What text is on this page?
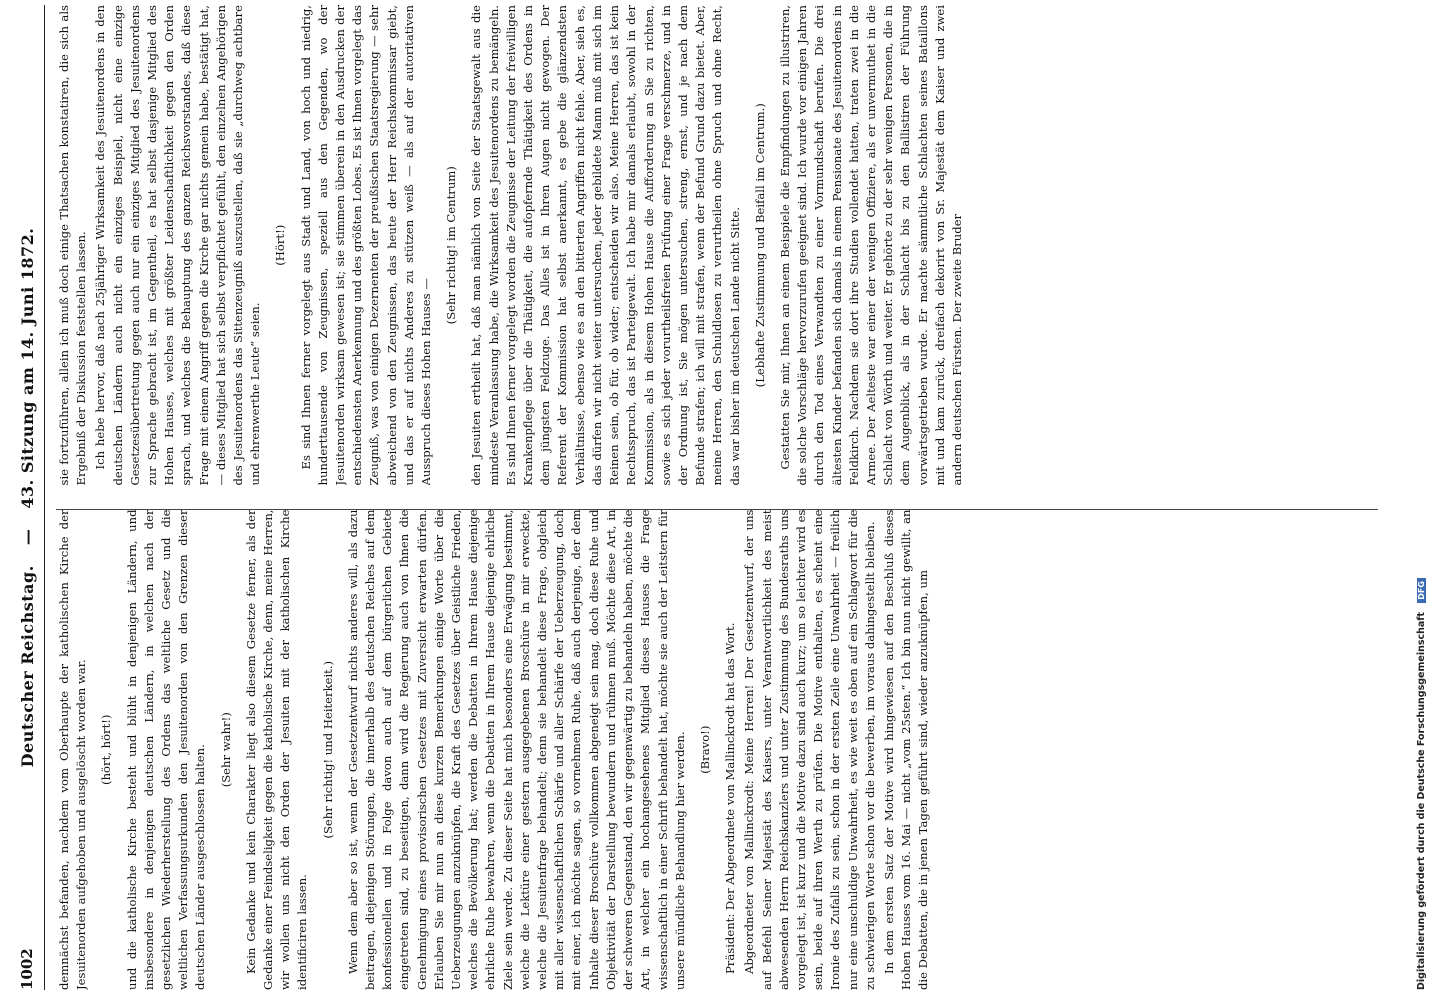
1002
Deutscher Reichstag. — 43. Sitzung am 14. Juni 1872.

demnächst befanden, nachdem vom Oberhaupte der katholischen Kirche der Jesuitenorden aufgehoben und ausgelöscht worden war. (hört, hört!) und die katholische Kirche besteht und blüht in denjenigen Ländern, und insbesondere in denjenigen deutschen Ländern, in welchen nach der gesetzlichen Wiederherstellung des Ordens das weltliche Gesetz und die weltlichen Verfassungsurkunden den Jesuitenorden von den Grenzen dieser deutschen Länder ausgeschlossen halten. (Sehr wahr!) Kein Gedanke und kein Charakter liegt also diesem Gesetze ferner, als der Gedanke einer Feindseligkeit gegen die katholische Kirche, denn, meine Herren, wir wollen uns nicht den Orden der Jesuiten mit der katholischen Kirche identificiren lassen.

(Sehr richtig! und Heiterkeit.) Wenn dem aber so ist, wenn der Gesetzentwurf nichts anderes will, als dazu beitragen, diejenigen Störungen, die innerhalb des deutschen Reiches auf dem konfessionellen und in Folge davon auch auf dem bürgerlichen Gebiete eingetreten sind, zu beseitigen, dann wird die Regierung auch von Ihnen die Genehmigung eines provisorischen Gesetzes mit Zuversicht erwarten dürfen. Erlauben Sie mir nun an diese kurzen Bemerkungen einige Worte über die Ueberzeugungen anzuknüpfen, die Kraft des Gesetzes über Geistliche Frieden, welches die Bevölkerung hat; werden die Debatten in Ihrem Hause diejenige ehrliche Ruhe bewahren, wenn die Debatten in Ihrem Hause diejenige ehrliche Ziele sein werde. Zu dieser Seite hat mich besonders eine Erwägung bestimmt, welche die Lektüre einer gestern ausgegebenen Broschüre in mir erweckte, welche die Jesuitenfrage behandelt; denn sie behandelt diese Frage, obgleich mit aller wissenschaftlichen Schärfe und aller Schärfe der Ueberzeugung, doch mit einer, ich möchte sagen, so vornehmen Ruhe, daß auch derjenige, der dem Inhalte dieser Broschüre vollkommen abgeneigt sein mag, doch diese Ruhe und Objektivität der Darstellung bewundern und rühmen muß. Möchte diese Art, in der schweren Gegenstand, den wir gegenwärtig zu behandeln haben, möchte die Art, in welcher ein hochangesehenes Mitglied dieses Hauses die Frage wissenschaftlich in einer Schrift behandelt hat, möchte sie auch der Leitstern für unsere mündliche Behandlung hier werden. (Bravo!) Präsident: Der Abgeordnete von Mallinckrodt hat das Wort. Abgeordneter von Mallinckrodt: Meine Herren! Der Gesetzentwurf, der uns auf Befehl Seiner Majestät des Kaisers, unter Verantwortlichkeit des meist abwesenden Herrn Reichskanzlers und unter Zustimmung des Bundesraths uns vorgelegt ist, ist kurz und die Motive dazu sind auch kurz; um so leichter wird es sein, beide auf ihren Werth zu prüfen. Die Motive enthalten, es scheint eine Ironie des Zufalls zu sein, schon in der ersten Zeile eine Unwahrheit — freilich nur eine unschuldige Unwahrheit, es wie weit es oben auf ein Schlagwort für die zu schwierigen Worte schon vor die bewerben, im voraus dahingestellt bleiben. In dem ersten Satz der Motive wird hingewiesen auf den Beschluß dieses Hohen Hauses vom 16. Mai — nicht „vom 25sten.“ Ich bin nun nicht gewillt, an die Debatten, die in jenen Tagen geführt sind, wieder anzuknüpfen, um

sie fortzuführen, allein ich muß doch einige Thatsachen konstatiren, die sich als Ergebniß der Diskussion feststellen lassen. Ich hebe hervor, daß nach 25jähriger Wirksamkeit des Jesuitenordens in den deutschen Ländern auch nicht ein einziges Beispiel, nicht eine einzige Gesetzesübertretung gegen auch nur ein einziges Mitglied des Jesuitenordens zur Sprache gebracht ist, im Gegentheil, es hat selbst dasjenige Mitglied des Hohen Hauses, welches mit größter Leidenschaftlichkeit gegen den Orden sprach, und welches die Behauptung des ganzen Reichsvorstandes, daß diese Frage mit einem Angriff gegen die Kirche gar nichts gemein habe, bestätigt hat, — dieses Mitglied hat sich selbst verpflichtet gefühlt, den einzelnen Angehörigen des Jesuitenordens das Sittenzeugniß auszustellen, daß sie „durchweg achtbare und ehrenwerthe Leute“ seien.

(Hört!) Es sind Ihnen ferner vorgelegt aus Stadt und Land, von hoch und niedrig, hunderttausende von Zeugnissen, speziell aus den Gegenden, wo der Jesuitenorden wirksam gewesen ist; sie stimmen überein in den Ausdrucken der entschiedensten Anerkennung und des größten Lobes. Es ist Ihnen vorgelegt das Zeugniß, was von einigen Dezernenten der preußischen Staatsregierung — sehr abweichend von den Zeugnissen, das heute der Herr Reichskommissar giebt, und das er auf nichts Anderes zu stützen weiß — als auf der autoritativen Ausspruch dieses Hohen Hauses —

(Sehr richtig! im Centrum) den Jesuiten ertheilt hat, daß man nämlich von Seite der Staatsgewalt aus die mindeste Veranlassung habe, die Wirksamkeit des Jesuitenordens zu bemängeln. Es sind Ihnen ferner vorgelegt worden die Zeugnisse der Leitung der freiwilligen Krankenpflege über die Thätigkeit, die aufopfernde Thätigkeit des Ordens in dem jüngsten Feldzuge. Das Alles ist in Ihren Augen nicht gewogen. Der Referent der Kommission hat selbst anerkannt, es gebe die glänzendsten Verhältnisse, ebenso wie es an den bitterten Angriffen nicht fehle. Aber, sieh es, das dürfen wir nicht weiter untersuchen, jeder gebildete Mann muß mit sich im Reinen sein, ob für, ob wider; entscheiden wir also. Meine Herren, das ist kein Rechtsspruch, das ist Parteigewalt. Ich habe mir damals erlaubt, sowohl in der Kommission, als in diesem Hohen Hause die Aufforderung an Sie zu richten, sowie es sich jeder vorurtheilsfreien Prüfung einer Frage verschmerze, und in der Ordnung ist, Sie mögen untersuchen, streng, ernst, und je nach dem Befunde strafen; ich will mit strafen, wenn der Befund Grund dazu bietet. Aber, meine Herren, den Schuldlosen zu verurtheilen ohne Spruch und ohne Recht, das war bisher im deutschen Lande nicht Sitte. (Lebhafte Zustimmung und Beifall im Centrum.) Gestatten Sie mir, Ihnen an einem Beispiele die Empfindungen zu illustriren, die solche Vorschläge hervorzurufen geeignet sind. Ich wurde vor einigen Jahren durch den Tod eines Verwandten zu einer Vormundschaft berufen. Die drei ältesten Kinder befanden sich damals in einem Pensionate des Jesuitenordens in Feldkirch. Nachdem sie dort ihre Studien vollendet hatten, traten zwei in die Armee. Der Aelteste war einer der wenigen Offiziere, als er unvermuthet in die Schlacht von Wörth und weiter. Er gehörte zu der sehr wenigen Personen, die in dem Augenblick, als in der Schlacht bis zu den Ballistiren der Führung vorwärtsgetrieben wurde. Er machte sämmtliche Schlachten seines Bataillons mit und kam zurück, dreifach dekorirt von Sr. Majestät dem Kaiser und zwei andern deutschen Fürsten. Der zweite Bruder

Digitalisierung gefördert durch die Deutsche Forschungsgemeinschaft DFG
